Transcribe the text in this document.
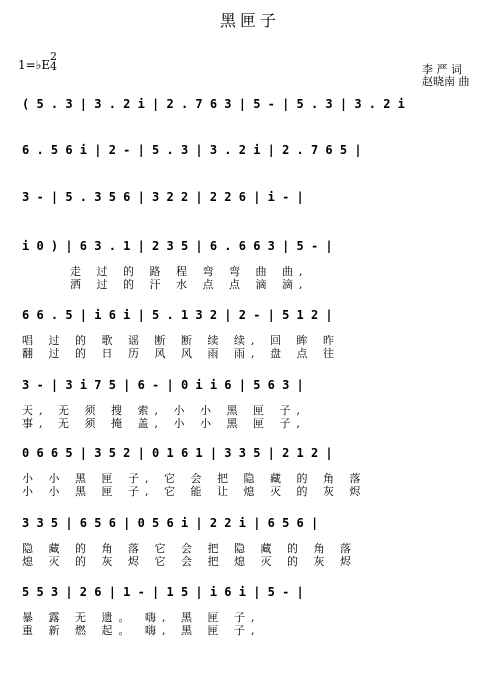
黑匣子
1=♭E
2
4	李 严 词
赵晓南 曲
( 5 . 3 | 3 . 2 i | 2 . 7 6 3 | 5 - | 5 . 3 | 3 . 2 i
6 . 5 6 i | 2 - | 5 . 3 | 3 . 2 i | 2 . 7 6 5 |
3 - | 5 . 3 5 6 | 3 2 2 | 2 2 6 | i - |
i 0 ) | 6 3 . 1 | 2 3 5 | 6 . 6 6 3 | 5 - |
走 过 的 路 程 弯 弯 曲 曲,
洒 过 的 汗 水 点 点 滴 滴,
6 6 . 5 | i 6 i | 5 . 1 3 2 | 2 - | 5 1 2 |
唱 过 的 歌 谣 断 断 续 续, 回 眸 昨
翻 过 的 日 历 风 风 雨 雨, 盘 点 往
3 - | 3 i 7 5 | 6 - | 0 i i 6 | 5 6 3 |
天, 无 须 搜 索, 小 小 黑 匣 子,
事, 无 须 掩 盖, 小 小 黑 匣 子,
0 6 6 5 | 3 5 2 | 0 1 6 1 | 3 3 5 | 2 1 2 |
小 小 黑 匣 子, 它 会 把 隐 藏 的 角 落
小 小 黑 匣 子, 它 能 让 熄 灭 的 灰 烬
3 3 5 | 6 5 6 | 0 5 6 i | 2 2 i | 6 5 6 |
隐 藏 的 角 落 它 会 把 隐 藏 的 角 落
熄 灭 的 灰 烬 它 会 把 熄 灭 的 灰 烬
5 5 3 | 2 6 | 1 - | 1 5 | i 6 i | 5 - |
暴 露 无 遗。 嗨, 黑 匣 子,
重 新 燃 起。 嗨, 黑 匣 子,
